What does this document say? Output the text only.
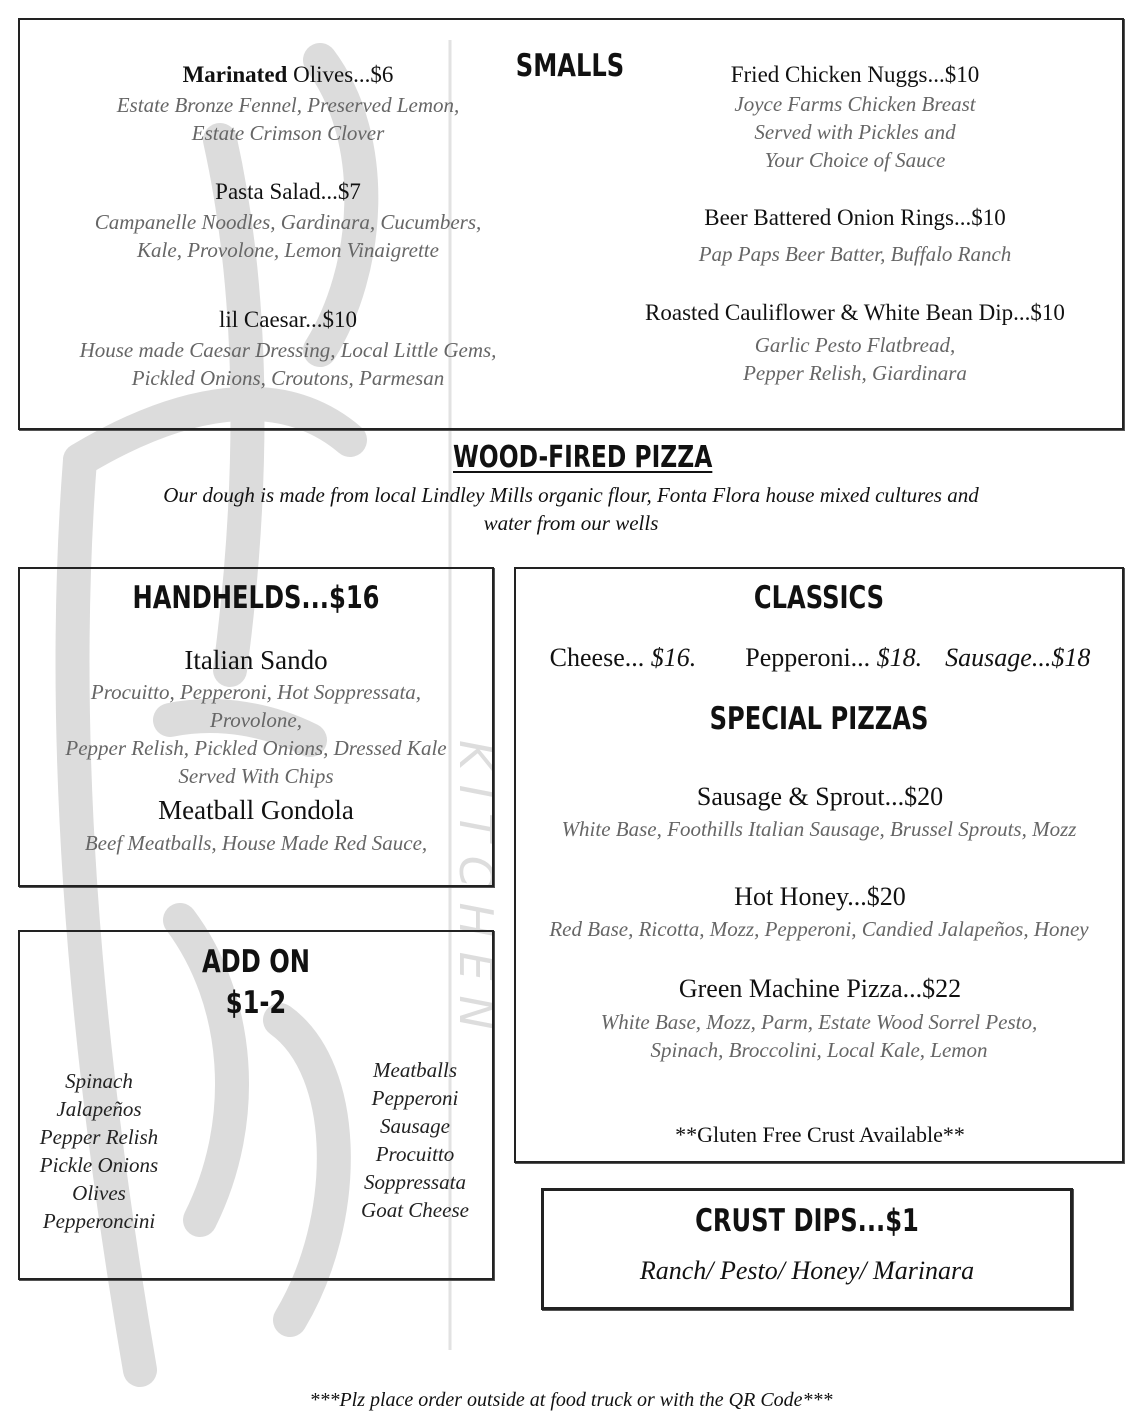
K I T C H E N
SMALLS
Marinated Olives...$6
Estate Bronze Fennel, Preserved Lemon,
Estate Crimson Clover
Pasta Salad...$7
Campanelle Noodles, Gardinara, Cucumbers,
Kale, Provolone, Lemon Vinaigrette
lil Caesar...$10
House made Caesar Dressing, Local Little Gems,
Pickled Onions, Croutons, Parmesan
Fried Chicken Nuggs...$10
Joyce Farms Chicken Breast
Served with Pickles and
Your Choice of Sauce
Beer Battered Onion Rings...$10
Pap Paps Beer Batter, Buffalo Ranch
Roasted Cauliflower & White Bean Dip...$10
Garlic Pesto Flatbread,
Pepper Relish, Giardinara
WOOD-FIRED PIZZA
Our dough is made from local Lindley Mills organic flour, Fonta Flora house mixed cultures and
water from our wells
HANDHELDS...$16
Italian Sando
Procuitto, Pepperoni, Hot Soppressata,
Provolone,
Pepper Relish, Pickled Onions, Dressed Kale
Served With Chips
Meatball Gondola
Beef Meatballs, House Made Red Sauce,
ADD ON
$1-2
Spinach
Jalapeños
Pepper Relish
Pickle Onions
Olives
Pepperoncini
Meatballs
Pepperoni
Sausage
Procuitto
Soppressata
Goat Cheese
CLASSICS
Cheese... $16. Pepperoni... $18. Sausage...$18
SPECIAL PIZZAS
Sausage & Sprout...$20
White Base, Foothills Italian Sausage, Brussel Sprouts, Mozz
Hot Honey...$20
Red Base, Ricotta, Mozz, Pepperoni, Candied Jalapeños, Honey
Green Machine Pizza...$22
White Base, Mozz, Parm, Estate Wood Sorrel Pesto,
Spinach, Broccolini, Local Kale, Lemon
**Gluten Free Crust Available**
CRUST DIPS...$1
Ranch/ Pesto/ Honey/ Marinara
***Plz place order outside at food truck or with the QR Code***
